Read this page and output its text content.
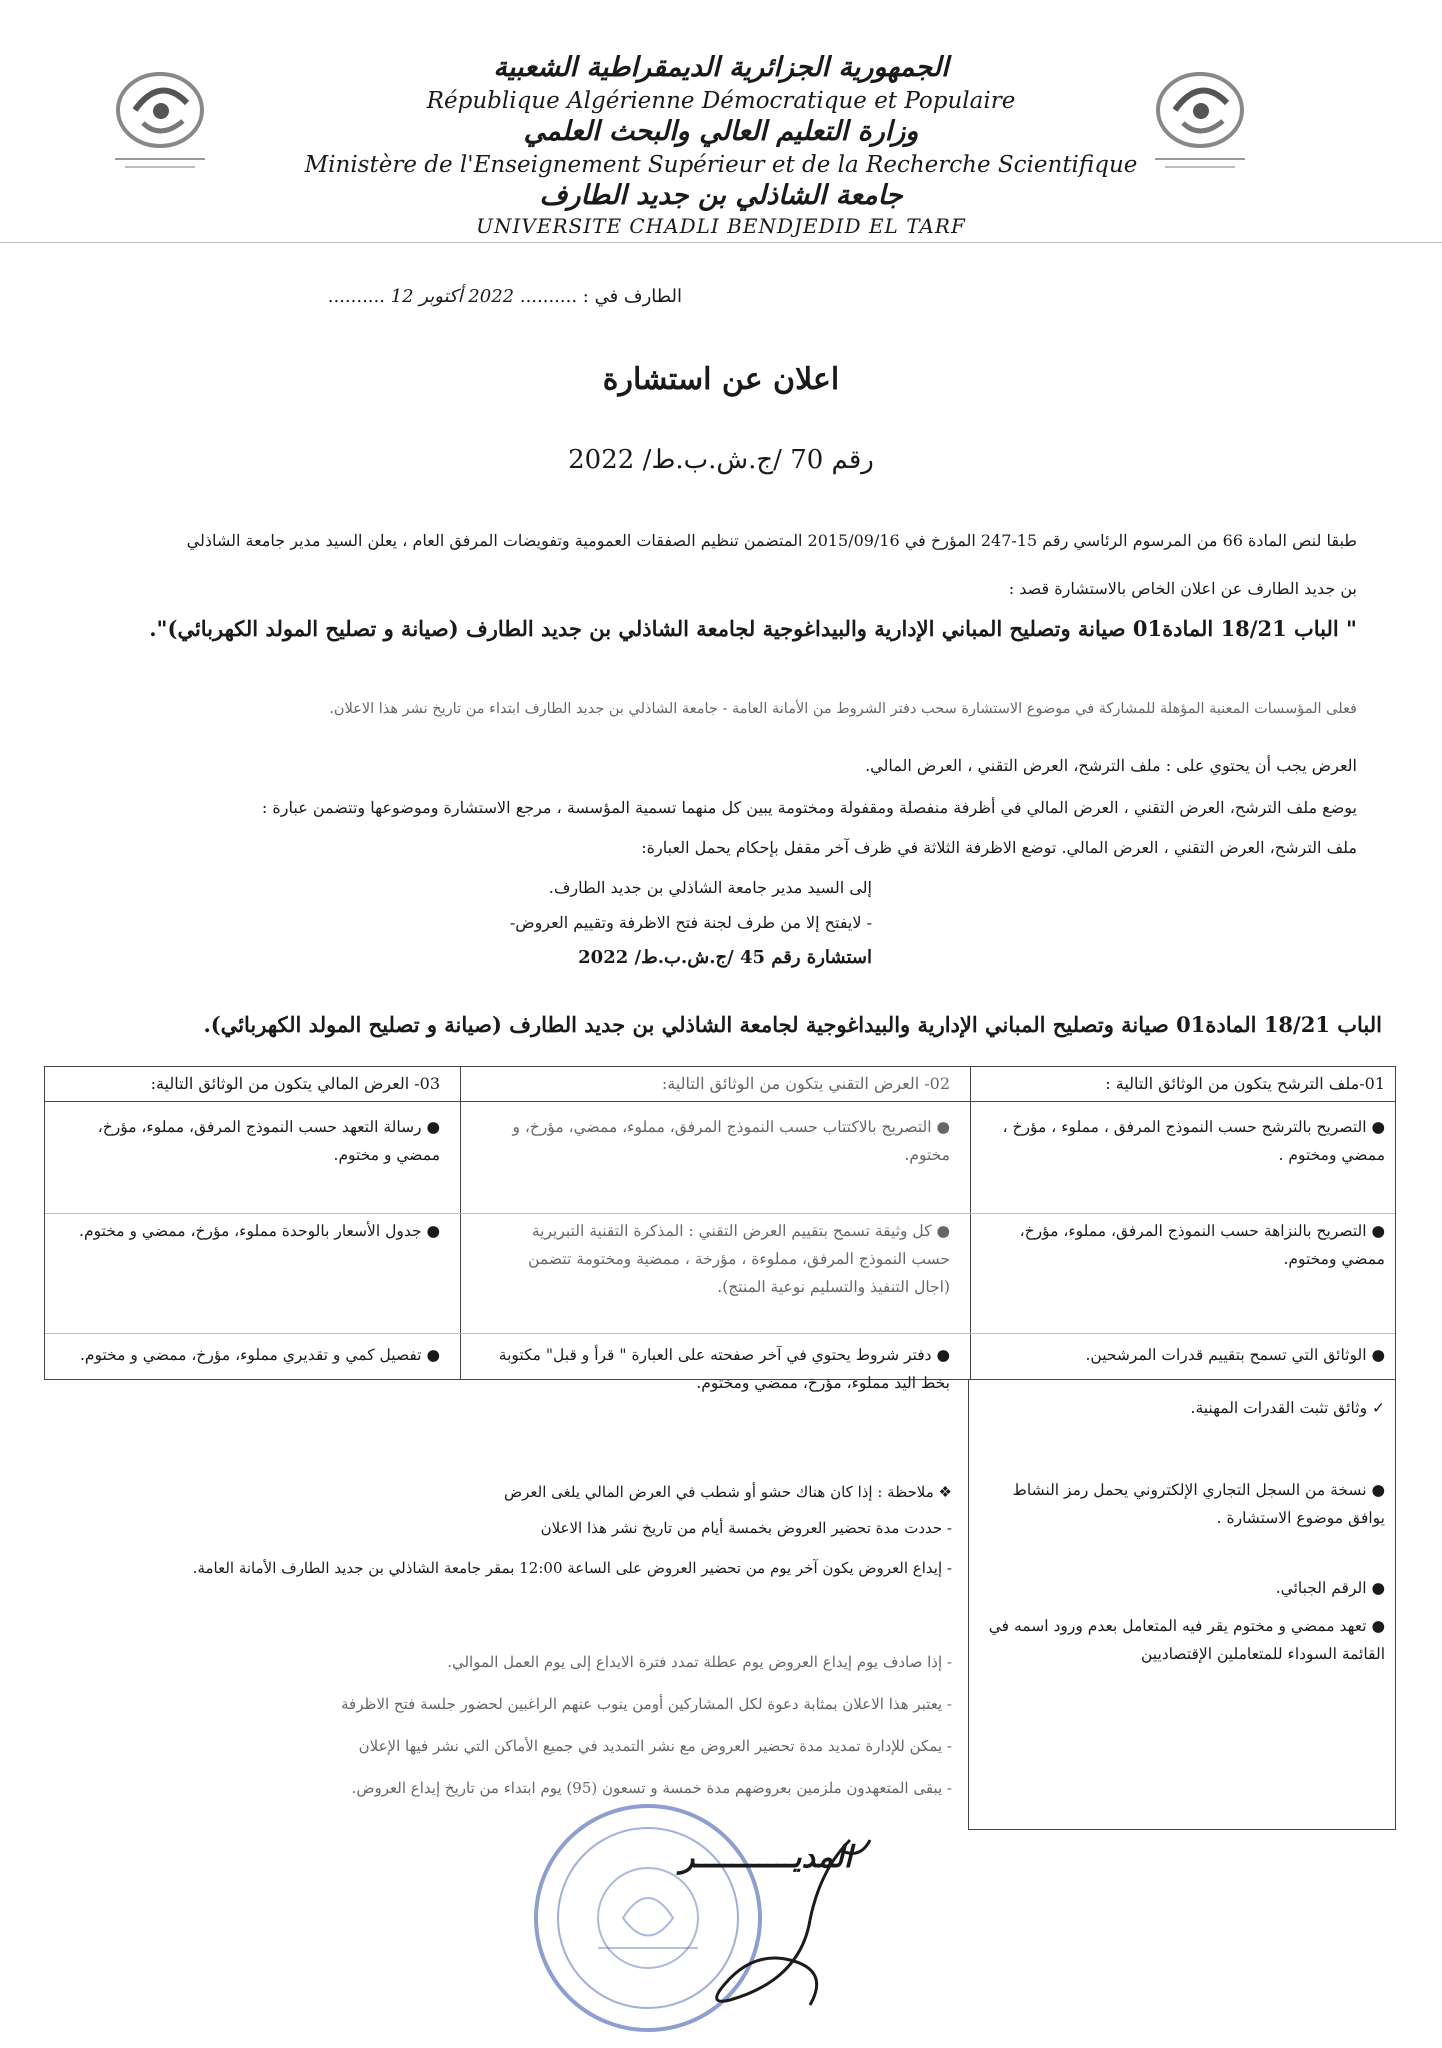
الجمهورية الجزائرية الديمقراطية الشعبية
République Algérienne Démocratique et Populaire
وزارة التعليم العالي والبحث العلمي
Ministère de l'Enseignement Supérieur et de la Recherche Scientifique
جامعة الشاذلي بن جديد الطارف
UNIVERSITE CHADLI BENDJEDID EL TARF
الطارف في : .......... 2022 أكتوبر 12 ..........
اعلان عن استشارة
رقم 70 /ج.ش.ب.ط/ 2022
طبقا لنص المادة 66 من المرسوم الرئاسي رقم 15-247 المؤرخ في 2015/09/16 المتضمن تنظيم الصفقات العمومية وتفويضات المرفق العام ، يعلن السيد مدير جامعة الشاذلي
بن جديد الطارف عن اعلان الخاص بالاستشارة قصد :
" الباب 18/21 المادة01 صيانة وتصليح المباني الإدارية والبيداغوجية لجامعة الشاذلي بن جديد الطارف (صيانة و تصليح المولد الكهربائي)".
فعلى المؤسسات المعنية المؤهلة للمشاركة في موضوع الاستشارة سحب دفتر الشروط من الأمانة العامة - جامعة الشاذلي بن جديد الطارف ابتداء من تاريخ نشر هذا الاعلان.
العرض يجب أن يحتوي على : ملف الترشح، العرض التقني ، العرض المالي.
يوضع ملف الترشح، العرض التقني ، العرض المالي في أظرفة منفصلة ومقفولة ومختومة يبين كل منهما تسمية المؤسسة ، مرجع الاستشارة وموضوعها وتتضمن عبارة :
ملف الترشح، العرض التقني ، العرض المالي. توضع الاظرفة الثلاثة في ظرف آخر مقفل بإحكام يحمل العبارة:
إلى السيد مدير جامعة الشاذلي بن جديد الطارف.
- لايفتح إلا من طرف لجنة فتح الاظرفة وتقييم العروض-
استشارة رقم 45 /ج.ش.ب.ط/ 2022
الباب 18/21 المادة01 صيانة وتصليح المباني الإدارية والبيداغوجية لجامعة الشاذلي بن جديد الطارف (صيانة و تصليح المولد الكهربائي).
01-ملف الترشح يتكون من الوثائق التالية :
02- العرض التقني يتكون من الوثائق التالية:
03- العرض المالي يتكون من الوثائق التالية:
● التصريح بالترشح حسب النموذج المرفق ، مملوء ، مؤرخ ، ممضي ومختوم .
● التصريح بالنزاهة حسب النموذج المرفق، مملوء، مؤرخ، ممضي ومختوم.
● الوثائق التي تسمح بتقييم قدرات المرشحين.
● التصريح بالاكتتاب حسب النموذج المرفق، مملوء، ممضي، مؤرخ، و مختوم.
● كل وثيقة تسمح بتقييم العرض التقني : المذكرة التقنية التبريرية حسب النموذج المرفق، مملوءة ، مؤرخة ، ممضية ومختومة تتضمن (اجال التنفيذ والتسليم نوعية المنتج).
● دفتر شروط يحتوي في آخر صفحته على العبارة " قرأ و قبل" مكتوبة بخط اليد مملوء، مؤرخ، ممضي ومختوم.
● رسالة التعهد حسب النموذج المرفق، مملوء، مؤرخ، ممضي و مختوم.
● جدول الأسعار بالوحدة مملوء، مؤرخ، ممضي و مختوم.
● تفصيل كمي و تقديري مملوء، مؤرخ، ممضي و مختوم.
✓ وثائق تثبت القدرات المهنية.
● نسخة من السجل التجاري الإلكتروني يحمل رمز النشاط يوافق موضوع الاستشارة .
● الرقم الجبائي.
● تعهد ممضي و مختوم يقر فيه المتعامل بعدم ورود اسمه في القائمة السوداء للمتعاملين الإقتصاديين
❖ ملاحظة : إذا كان هناك حشو أو شطب في العرض المالي يلغى العرض
- حددت مدة تحضير العروض بخمسة أيام من تاريخ نشر هذا الاعلان
- إيداع العروض يكون آخر يوم من تحضير العروض على الساعة 12:00 بمقر جامعة الشاذلي بن جديد الطارف الأمانة العامة.
- إذا صادف يوم إيداع العروض يوم عطلة تمدد فترة الايداع إلى يوم العمل الموالي.
- يعتبر هذا الاعلان بمثابة دعوة لكل المشاركين أومن ينوب عنهم الراغبين لحضور جلسة فتح الاظرفة
- يمكن للإدارة تمديد مدة تحضير العروض مع نشر التمديد في جميع الأماكن التي نشر فيها الإعلان
- يبقى المتعهدون ملزمين بعروضهم مدة خمسة و تسعون (95) يوم ابتداء من تاريخ إيداع العروض.
المديـــــــــــر
